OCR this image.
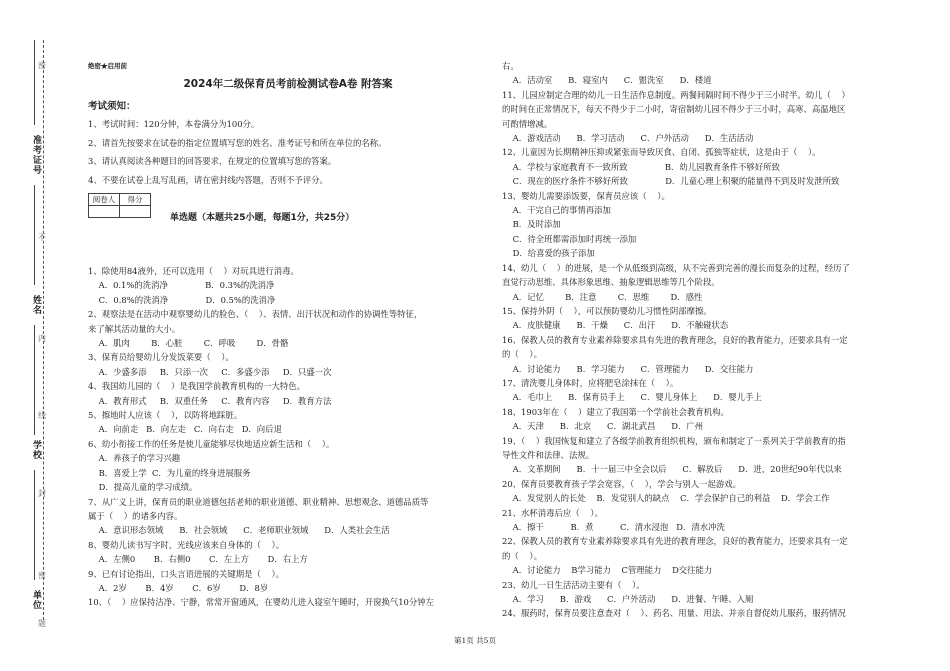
准考证号
姓名
学校
单位
题
密
不
内
线
封
密
绝密★启用前
2024年二级保育员考前检测试卷A卷 附答案
考试须知：

1、考试时间：120分钟，本卷满分为100分。

2、请首先按要求在试卷的指定位置填写您的姓名、准考证号和所在单位的名称。

3、请认真阅读各种题目的回答要求，在规定的位置填写您的答案。

4、不要在试卷上乱写乱画，请在密封线内答题，否则不予评分。

阅卷人	得分

单选题（本题共25小题，每题1分，共25分）

1、除使用84液外，还可以选用（    ）对玩具进行消毒。

A．0.1%的洗消净              B．0.3%的洗消净

C．0.8%的洗消净              D．0.5%的洗消净

2、观察法是在活动中观察婴幼儿的脸色、（    ）、表情、出汗状况和动作的协调性等特征，

来了解其活动量的大小。

A．肌肉        B．心脏        C．呼吸        D．骨骼

3、保育员给婴幼儿分发饭菜要（    ）。

A．少盛多添     B．只添一次     C．多盛少添     D．只盛一次

4、我国幼儿园的（    ）是我国学前教育机构的一大特色。

A．教育形式     B．双重任务     C．教育内容     D．教育方法

5、擦地时人应该（    ），以防将地踩脏。

A．向前走   B．向左走   C．向右走   D．向后退

6、幼小衔接工作的任务是使儿童能够尽快地适应新生活和（    ）。

A．养孩子的学习兴趣

B．喜爱上学  C．为儿童的终身进展服务

D．提高儿童的学习成绩。

7、从广义上讲，保育员的职业道德包括老师的职业道德、职业精神、思想观念、道德品质等

属于（    ）的诸多内容。

A．意识形态领域      B．社会领域      C．老师职业领域      D．人类社会生活

8、婴幼儿读书写字时，光线应该来自身体的（    ）。

A．左侧0       B．右侧0       C．左上方       D．右上方

9、已有讨论指出，口头言语进展的关键期是（    ）。

A．2岁       B．4岁       C．6岁       D．8岁

10、（    ）应保持洁净、宁静，常常开窗通风，在婴幼儿进入寝室午睡时，开窗换气10分钟左

右。

A．活动室      B．寝室内      C．盥洗室      D．楼道

11、儿园应制定合理的幼儿一日生活作息制度。两餐间隔时间不得少于三小时半。幼儿（    ）

的时间在正常情况下，每天不得少于二小时，寄宿制幼儿园不得少于三小时，高寒、高温地区

可酌情增减。

A．游戏活动      B．学习活动      C．户外活动      D．生活活动

12、儿童因为长期精神压抑或紧张而导致厌食、自闭、孤独等症状，这是由于（    ）。

A．学校与家庭教育不一致所致              B．幼儿园教育条件不够好所致

C．现在的医疗条件不够好所致              D．儿童心理上积聚的能量得不到及时发泄所致

13、婴幼儿需要添饭要，保育员应该（    ）。

A．干完自己的事情再添加

B．及时添加

C．待全班都需添加时再统一添加

D．给喜爱的孩子添加

14、幼儿（    ）的进展，是一个从低级到高级，从不完善到完善的漫长而复杂的过程，经历了

直觉行动思维、具体形象思维、抽象逻辑思维等几个阶段。

A．记忆        B．注意        C．思维        D．感性

15、保持外阴（    ），可以预防婴幼儿习惯性阴部摩擦。

A．皮肤健康      B．干燥      C．出汗      D．不触碰状态

16、保教人员的教育专业素养除要求具有先进的教育理念，良好的教育能力，还要求具有一定

的（    ）。

A．讨论能力      B．学习能力      C．管理能力      D．交往能力

17、清洗婴儿身体时，应将肥皂涂抹在（    ）。

A．毛巾上      B．保育员手上      C．婴儿身体上      D．婴儿手上

18、1903年在（    ）建立了我国第一个学前社会教育机构。

A．天津      B．北京      C．湖北武昌      D．广州

19、（    ）我国恢复和建立了各级学前教育组织机构，颁布和制定了一系列关于学前教育的指

导性文件和法律、法规。

A．文革期间      B．十一届三中全会以后      C．解放后      D．进，20世纪90年代以来

20、保育员要教育孩子学会宽容，（    ），学会与别人一起游戏。

A．发觉别人的长处    B．发觉别人的缺点    C．学会保护自己的利益    D．学会工作

21、水杯消毒后应（    ）。

A．擦干          B．煮          C．清水浸泡   D．清水冲洗

22、保教人员的教育专业素养除要求具有先进的教育理念，良好的教育能力，还要求具有一定

的（    ）。

A．讨论能力    B学习能力    C管理能力    D交往能力

23、幼儿一日生活活动主要有（    ）。

A．学习      B．游戏      C．户外活动      D．进餐、午睡、入厕

24、服药时，保育员要注意查对（    ）、药名、用量、用法、并亲自督促幼儿服药，服药情况

第1页 共5页
